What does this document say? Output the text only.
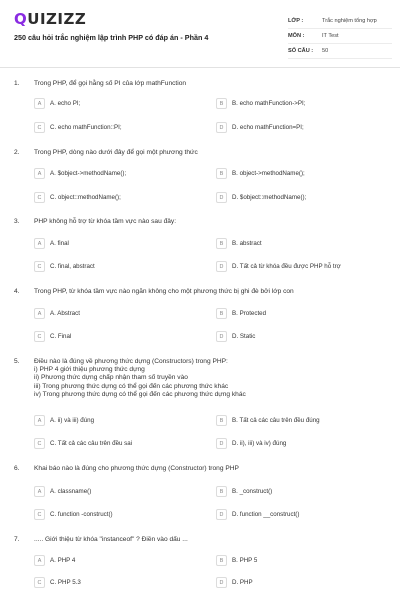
QUIZIZZ
250 câu hỏi trắc nghiệm lập trình PHP có đáp án - Phần 4
LỚP :	Trắc nghiệm tổng hợp
MÔN :	IT Test
SỐ CÂU :	50
1. Trong PHP, để gọi hằng số PI của lớp mathFunction
A	A. echo PI;	B	B. echo mathFunction->PI;
C	C. echo mathFunction::PI;	D	D. echo mathFunction=PI;
2. Trong PHP, dòng nào dưới đây để gọi một phương thức
A	A. $object->methodName();	B	B. object->methodName();
C	C. object::methodName();	D	D. $object::methodName();
3. PHP không hỗ trợ từ khóa tầm vực nào sau đây:
A	A. final	B	B. abstract
C	C. final, abstract	D	D. Tất cả từ khóa đều được PHP hỗ trợ
4. Trong PHP, từ khóa tầm vực nào ngăn không cho một phương thức bị ghi đè bởi lớp con
A	A. Abstract	B	B. Protected
C	C. Final	D	D. Static
5. Điều nào là đúng về phương thức dựng (Constructors) trong PHP:
i) PHP 4 giới thiệu phương thức dựng
ii) Phương thức dựng chấp nhận tham số truyền vào
iii) Trong phương thức dựng có thể gọi đến các phương thức khác
iv) Trong phương thức dựng có thể gọi đến các phương thức dựng khác
A	A. ii) và iii) đúng	B	B. Tất cả các câu trên đều đúng
C	C. Tất cả các câu trên đều sai	D	D. ii), iii) và iv) đúng
6. Khai báo nào là đúng cho phương thức dựng (Constructor) trong PHP
A	A. classname()	B	B. _construct()
C	C. function -construct()	D	D. function __construct()
7. ..... Giới thiệu từ khóa "instanceof" ? Điền vào dấu ...
A	A. PHP 4	B	B. PHP 5
C	C. PHP 5.3	D	D. PHP
